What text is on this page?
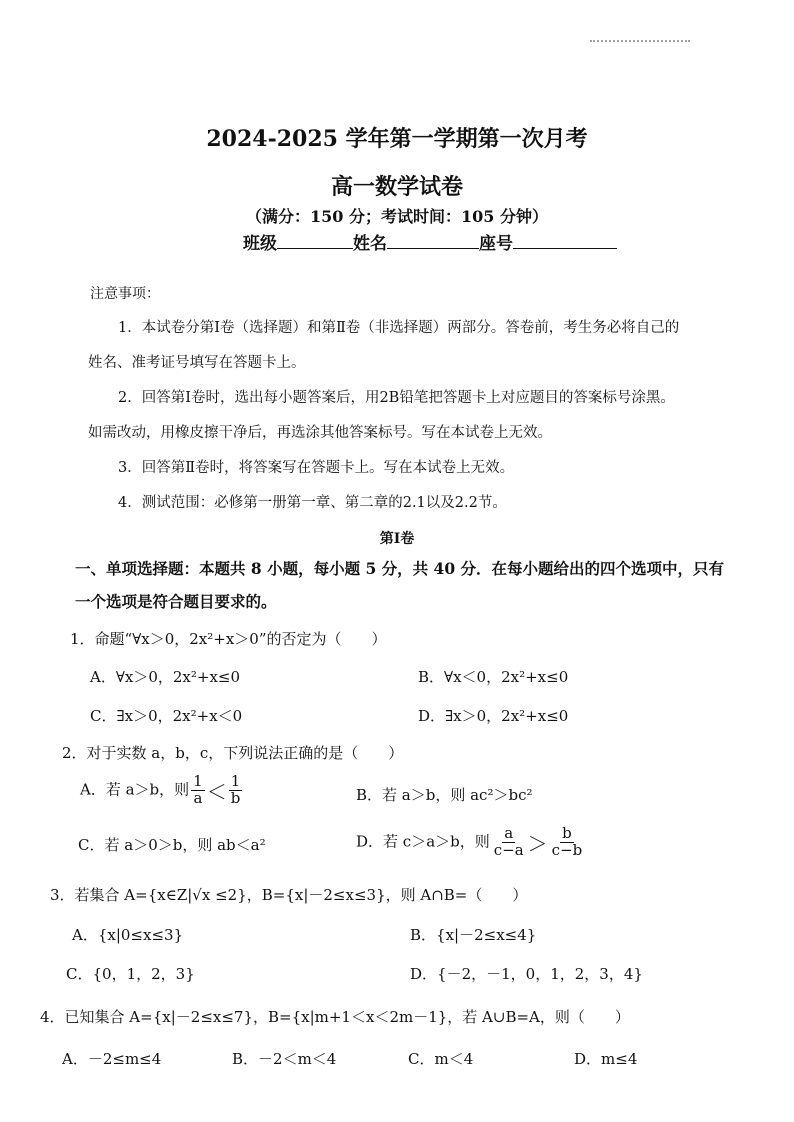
2024-2025 学年第一学期第一次月考
高一数学试卷
（满分：150 分；考试时间：105 分钟）
班级	姓名	座号
注意事项：
1．本试卷分第Ⅰ卷（选择题）和第Ⅱ卷（非选择题）两部分。答卷前，考生务必将自己的
姓名、准考证号填写在答题卡上。
2．回答第Ⅰ卷时，选出每小题答案后，用2B铅笔把答题卡上对应题目的答案标号涂黑。
如需改动，用橡皮擦干净后，再选涂其他答案标号。写在本试卷上无效。
3．回答第Ⅱ卷时，将答案写在答题卡上。写在本试卷上无效。
4．测试范围：必修第一册第一章、第二章的2.1以及2.2节。
第Ⅰ卷
一、单项选择题：本题共 8 小题，每小题 5 分，共 40 分．在每小题给出的四个选项中，只有
一个选项是符合题目要求的。
1．命题“∀x＞0，2x²+x＞0”的否定为（　　）
A．∀x＞0，2x²+x≤0	B．∀x＜0，2x²+x≤0
C．∃x＞0，2x²+x＜0	D．∃x＞0，2x²+x≤0
2．对于实数 a，b，c，下列说法正确的是（　　）
A．若 a＞b，则 $\frac{1}{a} < \frac{1}{b}$	B．若 a＞b，则 ac²＞bc²
C．若 a＞0＞b，则 ab＜a²	D．若 c＞a＞b，则 $\frac{a}{c-a} > \frac{b}{c-b}$
3．若集合 A={x∈Z|√x ≤2}，B={x|－2≤x≤3}，则 A∩B=（　　）
A．{x|0≤x≤3}	B．{x|－2≤x≤4}
C．{0，1，2，3}	D．{－2，－1，0，1，2，3，4}
4．已知集合 A={x|－2≤x≤7}，B={x|m+1＜x＜2m－1}，若 A∪B=A，则（　　）
A．－2≤m≤4	B．－2＜m＜4	C．m＜4	D．m≤4
